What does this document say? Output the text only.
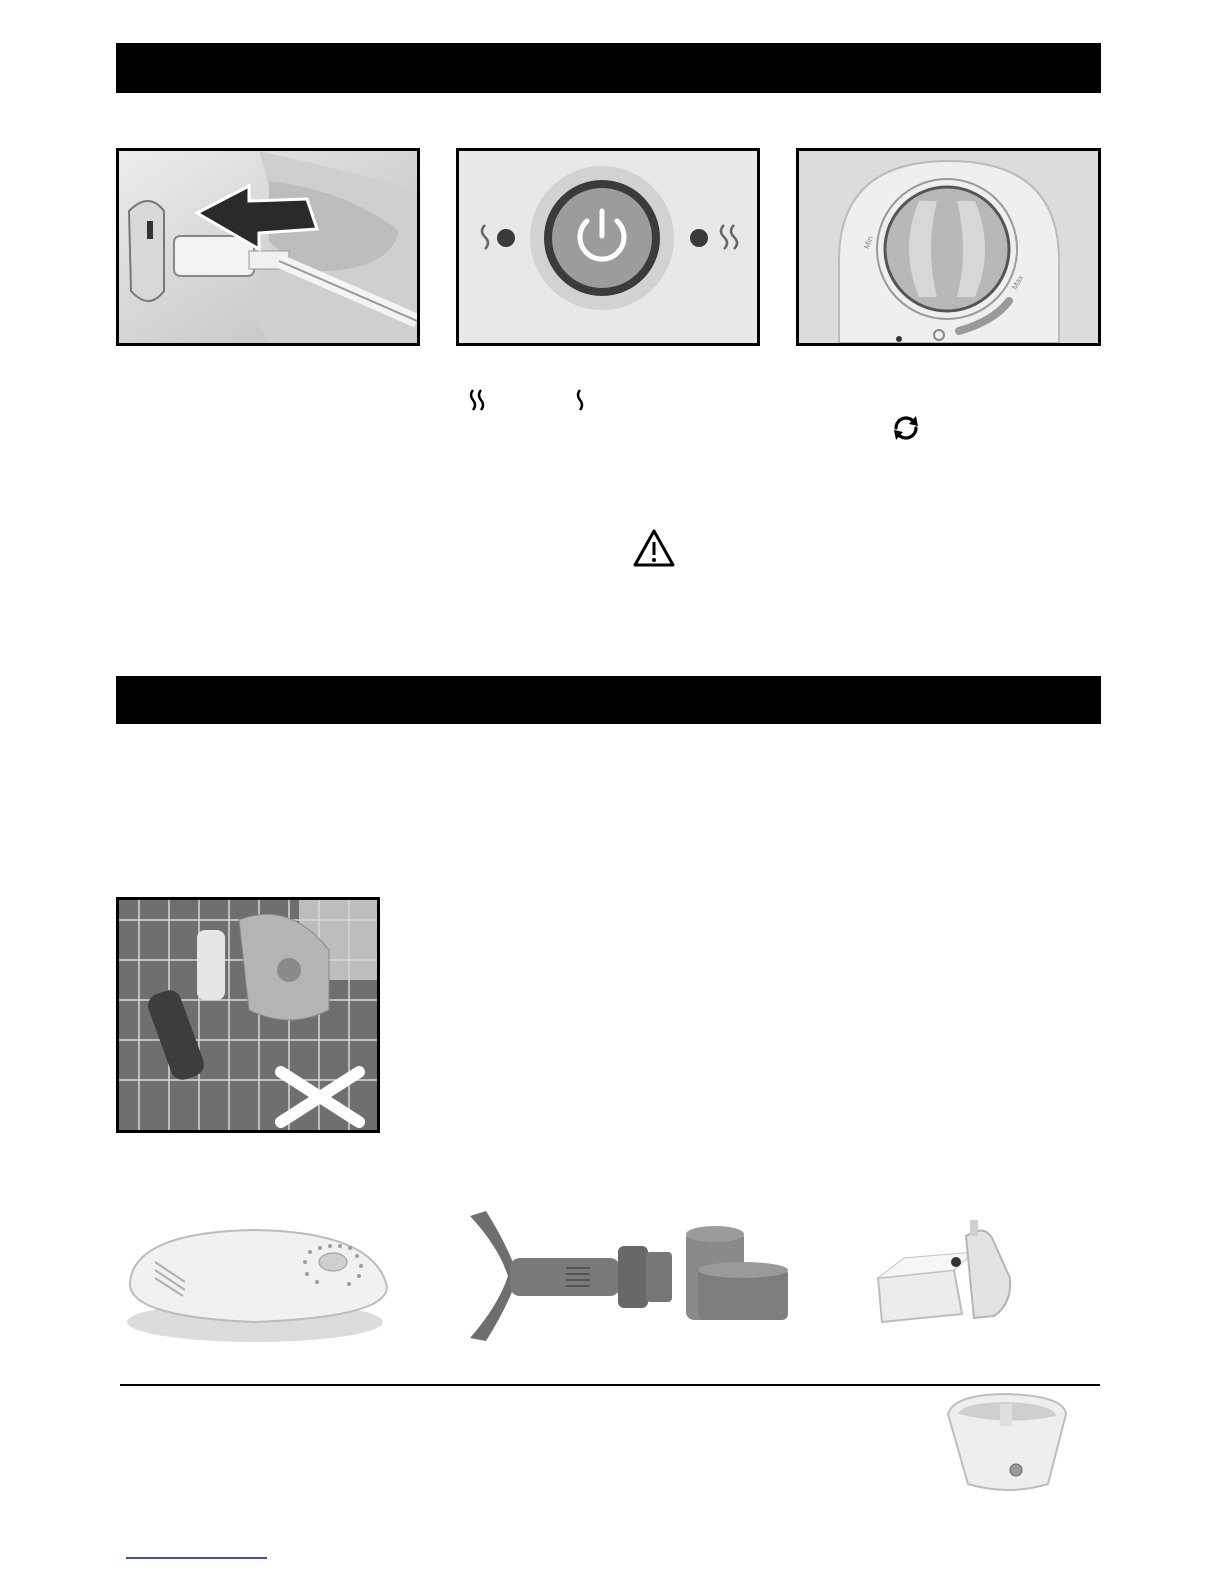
Min
Max
